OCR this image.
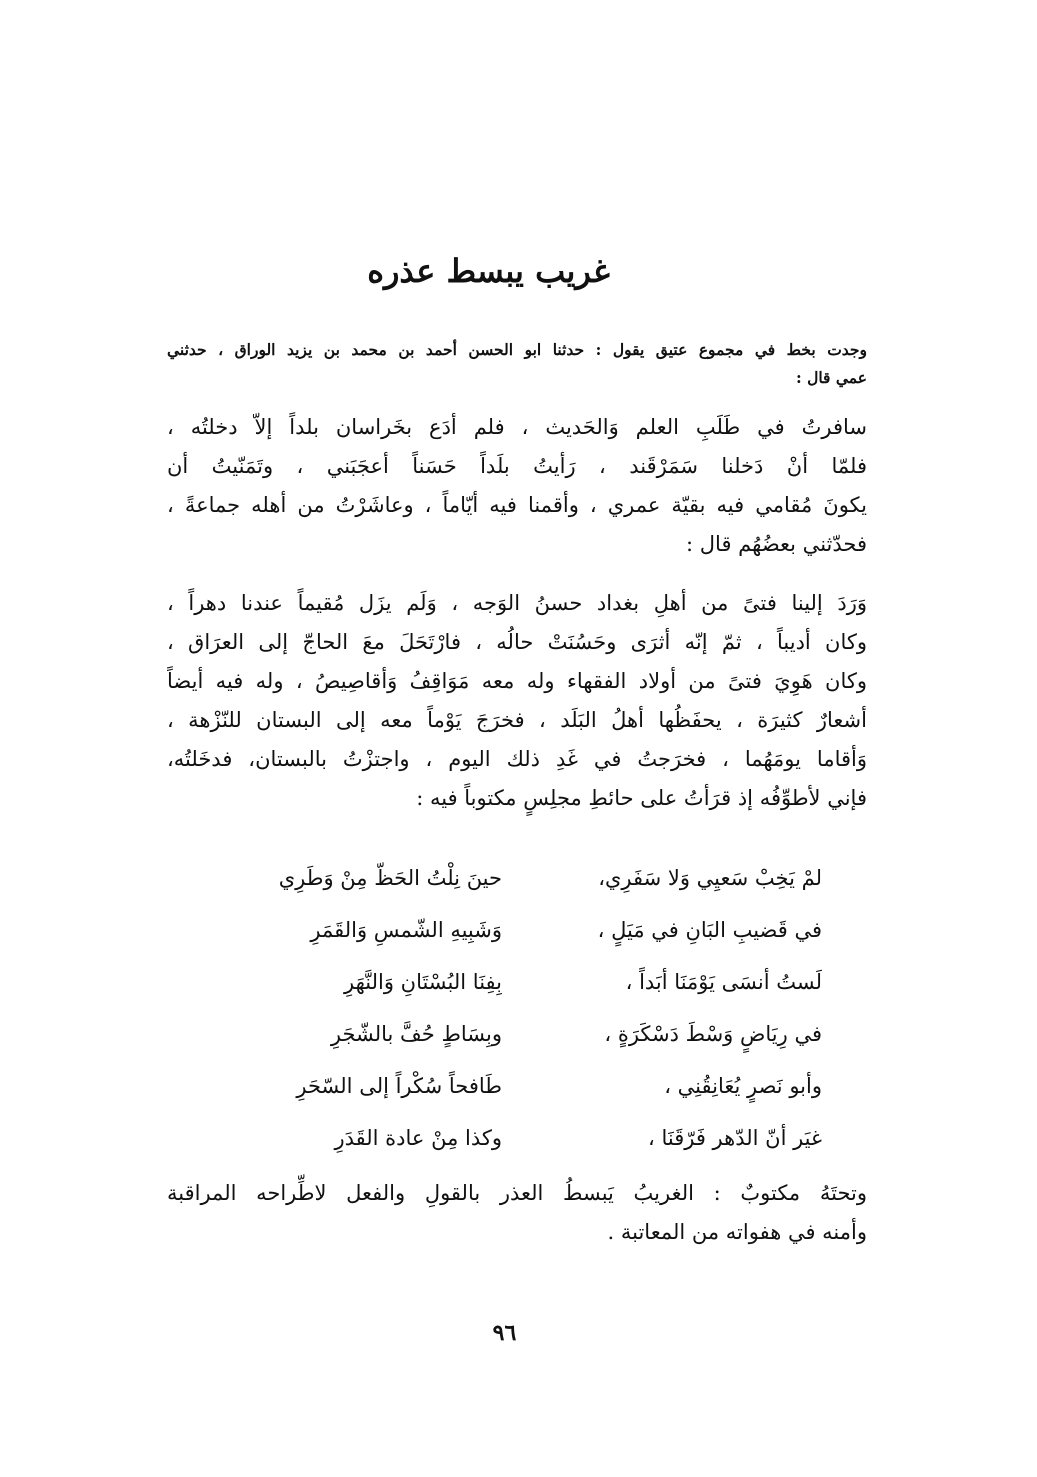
غريب يبسط عذره
وجدت بخط في مجموع عتيق يقول : حدثنا ابو الحسن أحمد بن محمد بن يزيد الوراق ، حدثني
عمي قال :
سافرتُ في طَلَبِ العلم وَالحَديث ، فلم أدَع بخَراسان بلداً إلاّ دخلتُه ،
فلمّا أنْ دَخلنا سَمَرْقَند ، رَأيتُ بلَداً حَسَناً أعجَبَني ، وتَمَنّيتُ أن
يكونَ مُقامي فيه بقيّة عمري ، وأقمنا فيه أيّاماً ، وعاشَرْتُ من أهله جماعةً ،
فحدّثني بعضُهُم قال :
وَرَدَ إلينا فتىً من أهلِ بغداد حسنُ الوَجه ، وَلَم يزَل مُقيماً عندنا دهراً ،
وكان أديباً ، ثمّ إنّه أثرَى وحَسُنَتْ حالُه ، فارْتَحَلَ معَ الحاجّ إلى العرَاق ،
وكان هَوِيَ فتىً من أولاد الفقهاء وله معه مَوَاقِفُ وَأقاصِيصُ ، وله فيه أيضاً
أشعارٌ كثيرَة ، يحفَظُها أهلُ البَلَد ، فخرَجَ يَوْماً معه إلى البستان للنّزْهة ،
وَأقاما يومَهُما ، فخرَجتُ في غَدِ ذلك اليوم ، واجتزْتُ بالبستان، فدخَلتُه،
فإني لأطوِّفُه إذ قرَأتُ على حائطِ مجلِسٍ مكتوباً فيه :
لمْ يَخِبْ سَعيِي وَلا سَفَرِي،
حينَ نِلْتُ الحَظّ مِنْ وَطَرِي
في قَضيبِ البَانِ في مَيَلٍ ،
وَشَبِيهِ الشّمسِ وَالقَمَرِ
لَستُ أنسَى يَوْمَنَا أبَداً ،
بِفِنَا البُسْتَانِ وَالنَّهَرِ
في رِيَاضٍ وَسْطَ دَسْكَرَةٍ ،
وبِسَاطٍ حُفَّ بالشّجَرِ
وأبو نَصرٍ يُعَانِقُنِي ،
طَافحاً سُكْراً إلى السّحَرِ
غيَر أنّ الدّهر فَرّقَنَا ،
وكذا مِنْ عادة القَدَرِ
وتحتَهُ مكتوبٌ : الغريبُ يَبسطُ العذر بالقولِ والفعل لاطِّراحه المراقبة
وأمنه في هفواته من المعاتبة .
٩٦
